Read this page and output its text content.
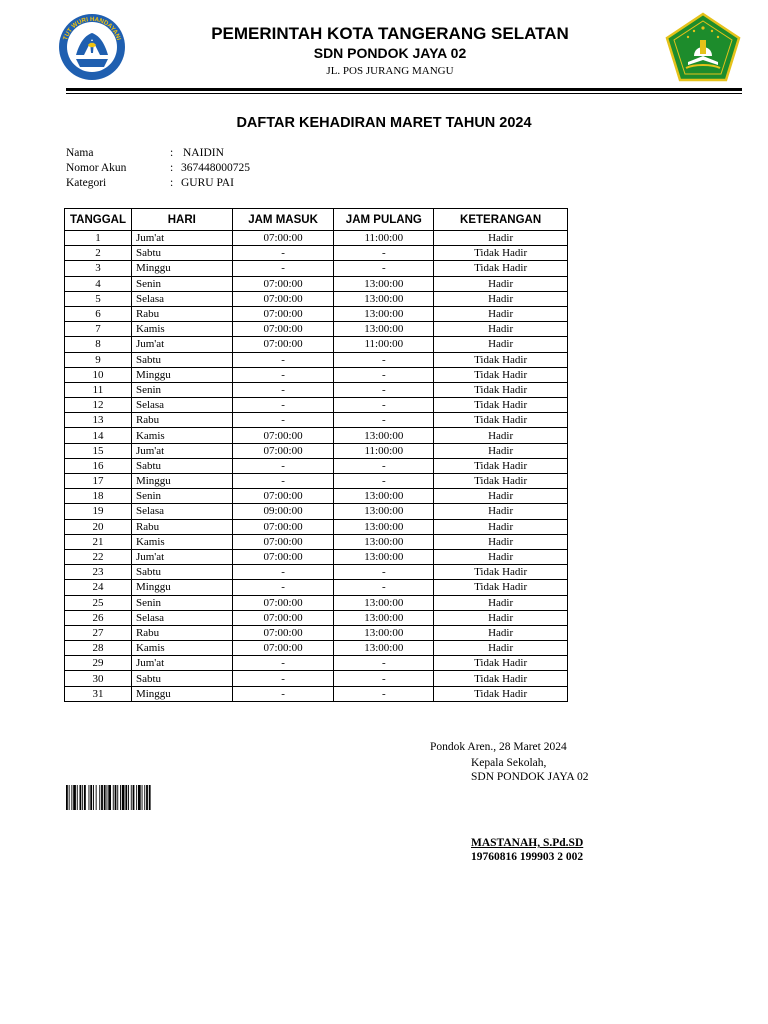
TUT WURI HANDAYANI	PEMERINTAH KOTA TANGERANG SELATAN
SDN PONDOK JAYA 02
JL. POS JURANG MANGU
DAFTAR KEHADIRAN MARET TAHUN 2024
Nama	: NAIDIN
Nomor Akun	: 367448000725
Kategori	: GURU PAI
TANGGAL	HARI	JAM MASUK	JAM PULANG	KETERANGAN
1	Jum'at	07:00:00	11:00:00	Hadir
2	Sabtu	-	-	Tidak Hadir
3	Minggu	-	-	Tidak Hadir
4	Senin	07:00:00	13:00:00	Hadir
5	Selasa	07:00:00	13:00:00	Hadir
6	Rabu	07:00:00	13:00:00	Hadir
7	Kamis	07:00:00	13:00:00	Hadir
8	Jum'at	07:00:00	11:00:00	Hadir
9	Sabtu	-	-	Tidak Hadir
10	Minggu	-	-	Tidak Hadir
11	Senin	-	-	Tidak Hadir
12	Selasa	-	-	Tidak Hadir
13	Rabu	-	-	Tidak Hadir
14	Kamis	07:00:00	13:00:00	Hadir
15	Jum'at	07:00:00	11:00:00	Hadir
16	Sabtu	-	-	Tidak Hadir
17	Minggu	-	-	Tidak Hadir
18	Senin	07:00:00	13:00:00	Hadir
19	Selasa	09:00:00	13:00:00	Hadir
20	Rabu	07:00:00	13:00:00	Hadir
21	Kamis	07:00:00	13:00:00	Hadir
22	Jum'at	07:00:00	13:00:00	Hadir
23	Sabtu	-	-	Tidak Hadir
24	Minggu	-	-	Tidak Hadir
25	Senin	07:00:00	13:00:00	Hadir
26	Selasa	07:00:00	13:00:00	Hadir
27	Rabu	07:00:00	13:00:00	Hadir
28	Kamis	07:00:00	13:00:00	Hadir
29	Jum'at	-	-	Tidak Hadir
30	Sabtu	-	-	Tidak Hadir
31	Minggu	-	-	Tidak Hadir
Pondok Aren., 28 Maret 2024
Kepala Sekolah,
SDN PONDOK JAYA 02
MASTANAH, S.Pd.SD
19760816 199903 2 002
